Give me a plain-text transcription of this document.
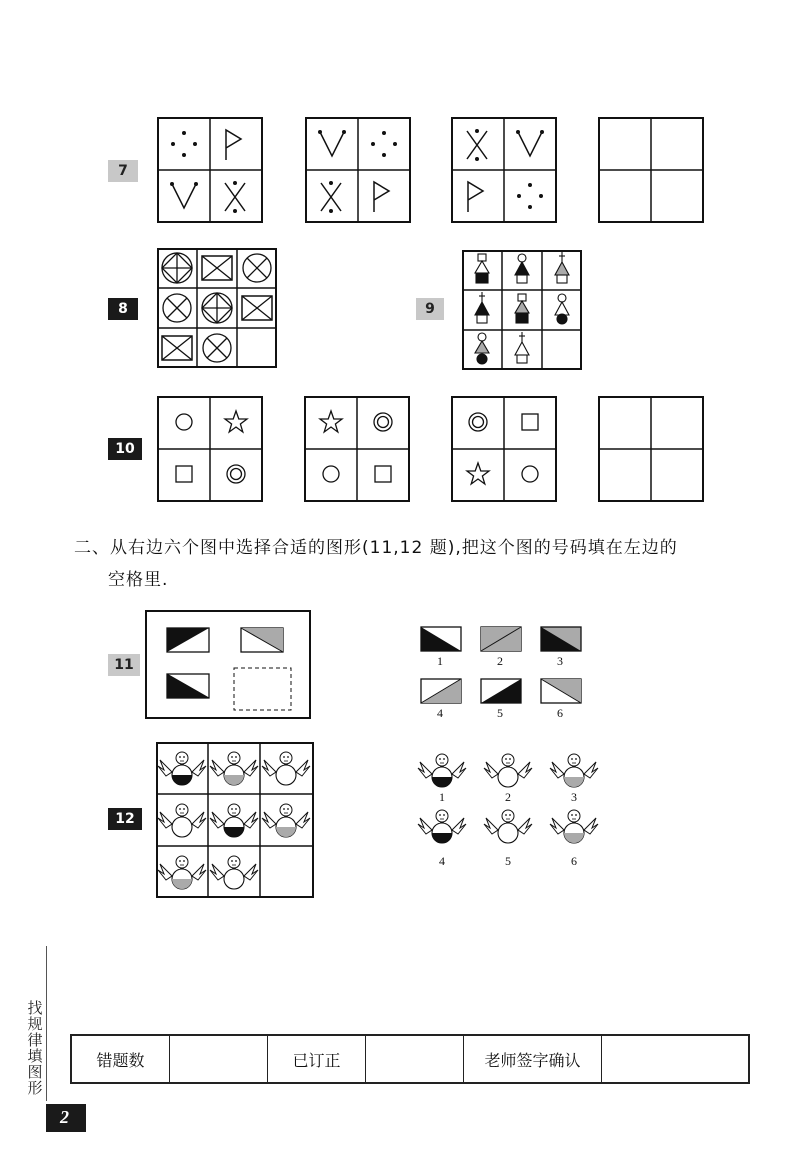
7
8	9
10
二、从右边六个图中选择合适的图形(11,12 题),把这个图的号码填在左边的
空格里.
11	1	2	3
4	5	6
12
1	2	3
4	5	6
错题数		已订正		老师签字确认	
找规律填图形
2
